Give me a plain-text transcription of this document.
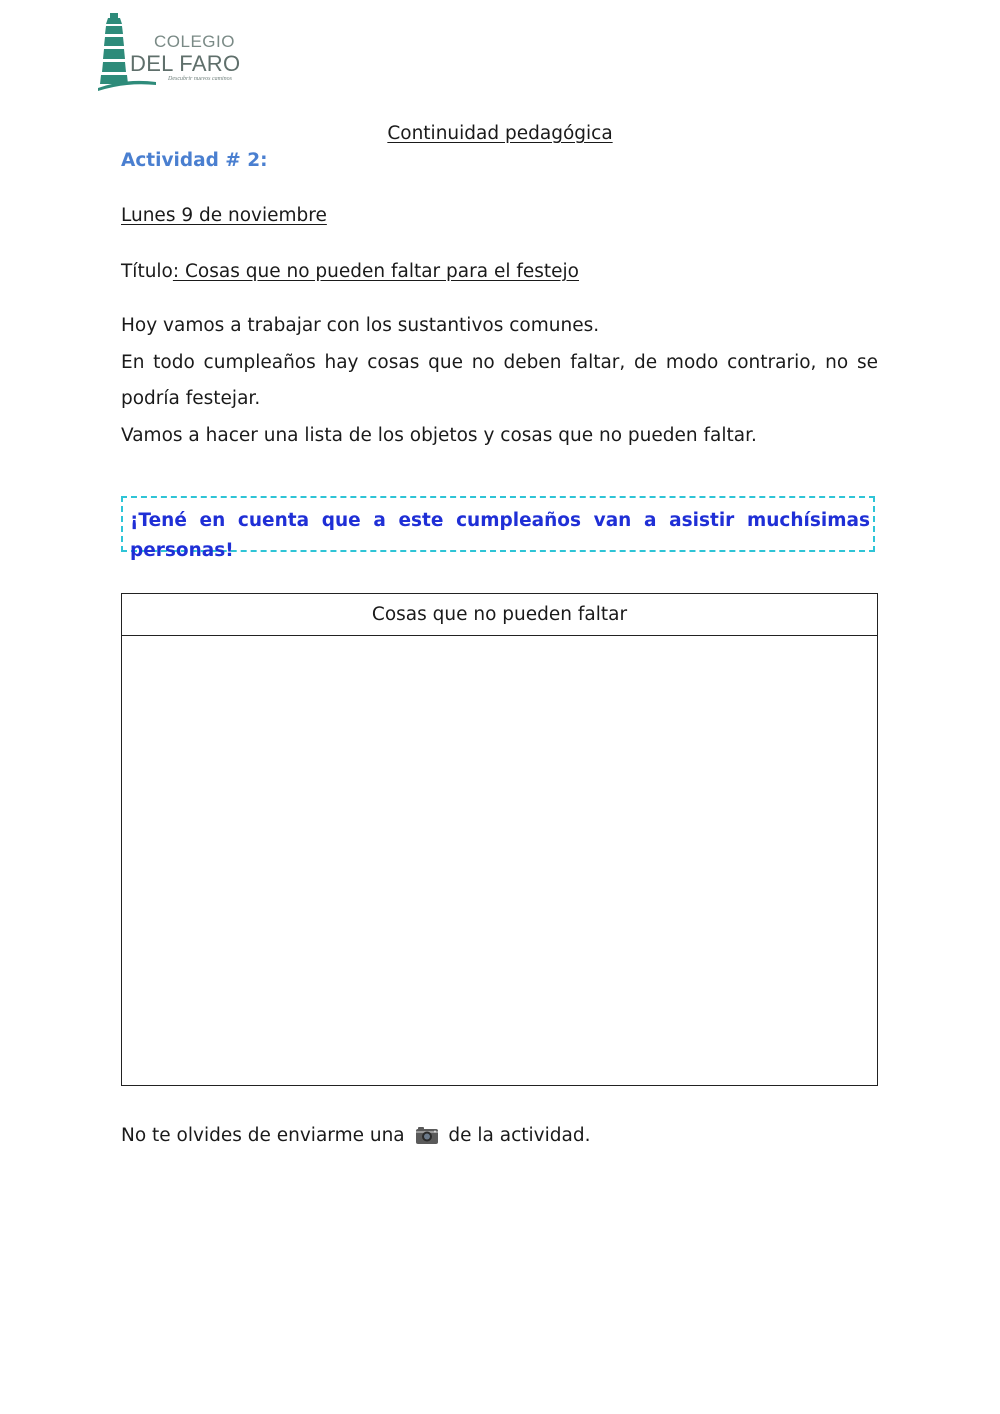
COLEGIO
DEL FARO
Descubrir nuevos caminos
Continuidad pedagógica
Actividad # 2:
Lunes 9 de noviembre
Título: Cosas que no pueden faltar para el festejo

Hoy vamos a trabajar con los sustantivos comunes.

En todo cumpleaños hay cosas que no deben faltar, de modo contrario, no se

podría festejar.

Vamos a hacer una lista de los objetos y cosas que no pueden faltar.

¡Tené en cuenta que a este cumpleaños van a asistir muchísimas personas!
Cosas que no pueden faltar
No te olvides de enviarme una  de la actividad.
